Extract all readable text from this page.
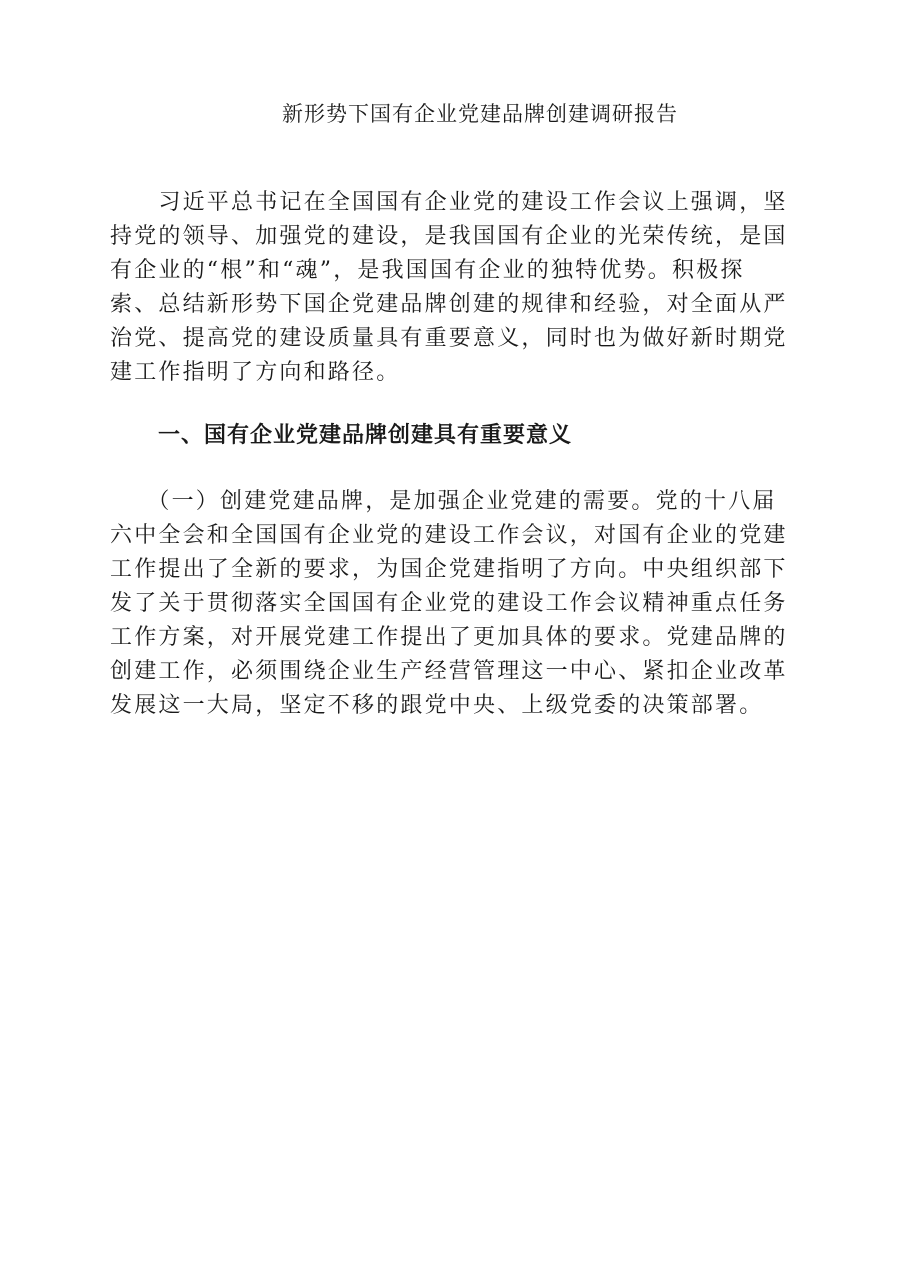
新形势下国有企业党建品牌创建调研报告

　　习近平总书记在全国国有企业党的建设工作会议上强调，坚
持党的领导、加强党的建设，是我国国有企业的光荣传统，是国
有企业的“根”和“魂”，是我国国有企业的独特优势。积极探
索、总结新形势下国企党建品牌创建的规律和经验，对全面从严
治党、提高党的建设质量具有重要意义，同时也为做好新时期党
建工作指明了方向和路径。

一、国有企业党建品牌创建具有重要意义

　　（一）创建党建品牌，是加强企业党建的需要。党的十八届
六中全会和全国国有企业党的建设工作会议，对国有企业的党建
工作提出了全新的要求，为国企党建指明了方向。中央组织部下
发了关于贯彻落实全国国有企业党的建设工作会议精神重点任务
工作方案，对开展党建工作提出了更加具体的要求。党建品牌的
创建工作，必须围绕企业生产经营管理这一中心、紧扣企业改革
发展这一大局，坚定不移的跟党中央、上级党委的决策部署。
